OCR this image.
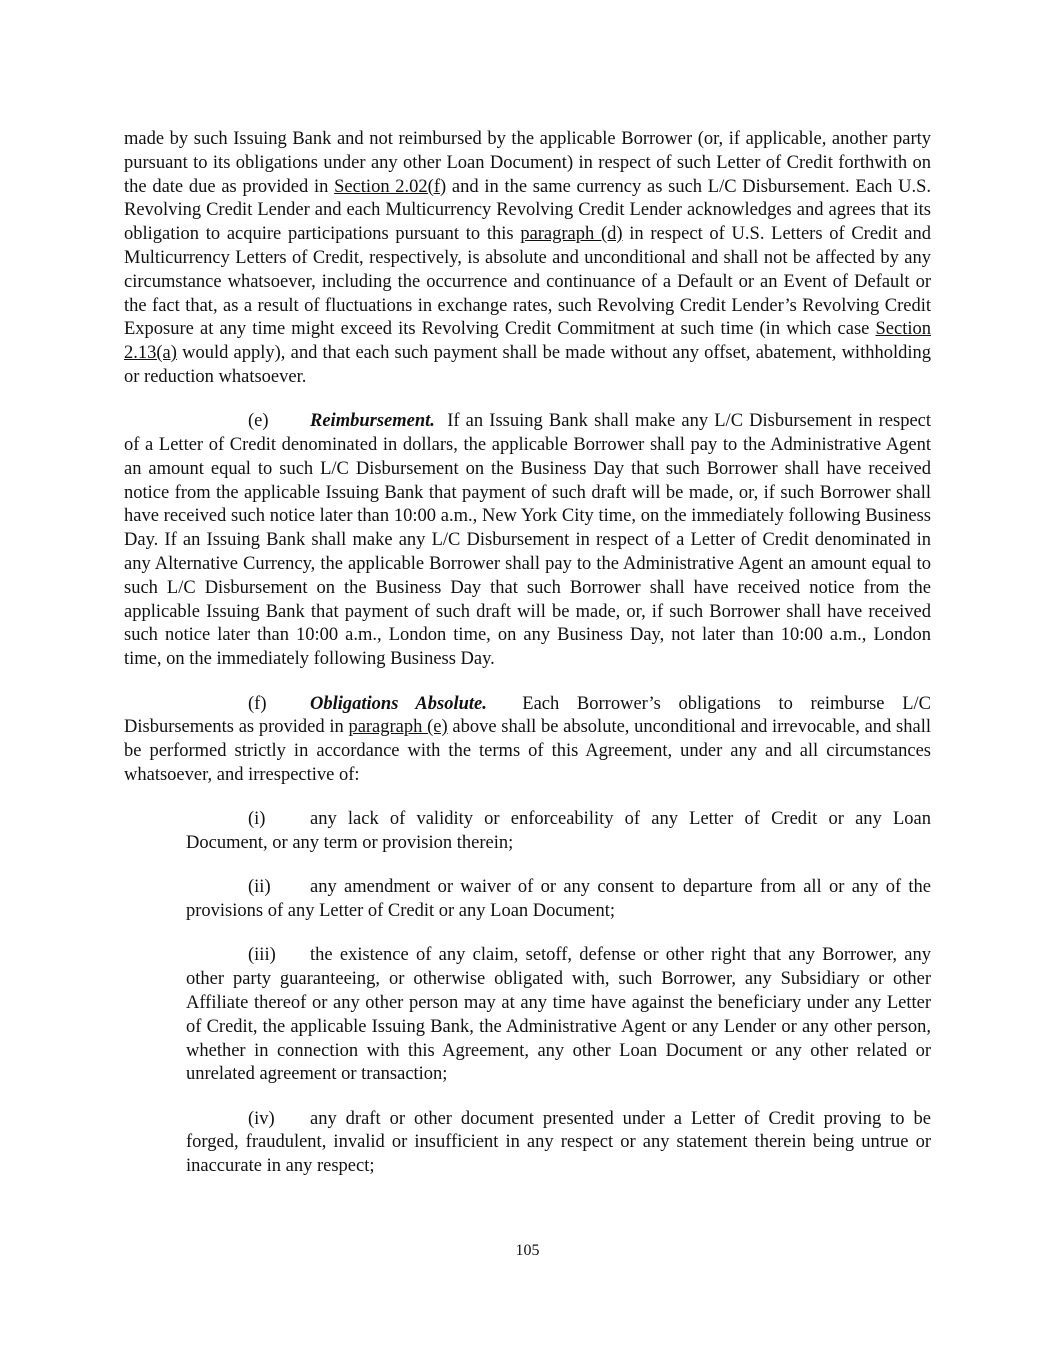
made by such Issuing Bank and not reimbursed by the applicable Borrower (or, if applicable, another party pursuant to its obligations under any other Loan Document) in respect of such Letter of Credit forthwith on the date due as provided in Section 2.02(f) and in the same currency as such L/C Disbursement. Each U.S. Revolving Credit Lender and each Multicurrency Revolving Credit Lender acknowledges and agrees that its obligation to acquire participations pursuant to this paragraph (d) in respect of U.S. Letters of Credit and Multicurrency Letters of Credit, respectively, is absolute and unconditional and shall not be affected by any circumstance whatsoever, including the occurrence and continuance of a Default or an Event of Default or the fact that, as a result of fluctuations in exchange rates, such Revolving Credit Lender’s Revolving Credit Exposure at any time might exceed its Revolving Credit Commitment at such time (in which case Section 2.13(a) would apply), and that each such payment shall be made without any offset, abatement, withholding or reduction whatsoever.

(e) Reimbursement. If an Issuing Bank shall make any L/C Disbursement in respect of a Letter of Credit denominated in dollars, the applicable Borrower shall pay to the Administrative Agent an amount equal to such L/C Disbursement on the Business Day that such Borrower shall have received notice from the applicable Issuing Bank that payment of such draft will be made, or, if such Borrower shall have received such notice later than 10:00 a.m., New York City time, on the immediately following Business Day. If an Issuing Bank shall make any L/C Disbursement in respect of a Letter of Credit denominated in any Alternative Currency, the applicable Borrower shall pay to the Administrative Agent an amount equal to such L/C Disbursement on the Business Day that such Borrower shall have received notice from the applicable Issuing Bank that payment of such draft will be made, or, if such Borrower shall have received such notice later than 10:00 a.m., London time, on any Business Day, not later than 10:00 a.m., London time, on the immediately following Business Day.

(f) Obligations Absolute. Each Borrower’s obligations to reimburse L/C Disbursements as provided in paragraph (e) above shall be absolute, unconditional and irrevocable, and shall be performed strictly in accordance with the terms of this Agreement, under any and all circumstances whatsoever, and irrespective of:

(i) any lack of validity or enforceability of any Letter of Credit or any Loan Document, or any term or provision therein;

(ii) any amendment or waiver of or any consent to departure from all or any of the provisions of any Letter of Credit or any Loan Document;

(iii) the existence of any claim, setoff, defense or other right that any Borrower, any other party guaranteeing, or otherwise obligated with, such Borrower, any Subsidiary or other Affiliate thereof or any other person may at any time have against the beneficiary under any Letter of Credit, the applicable Issuing Bank, the Administrative Agent or any Lender or any other person, whether in connection with this Agreement, any other Loan Document or any other related or unrelated agreement or transaction;

(iv) any draft or other document presented under a Letter of Credit proving to be forged, fraudulent, invalid or insufficient in any respect or any statement therein being untrue or inaccurate in any respect;

105
